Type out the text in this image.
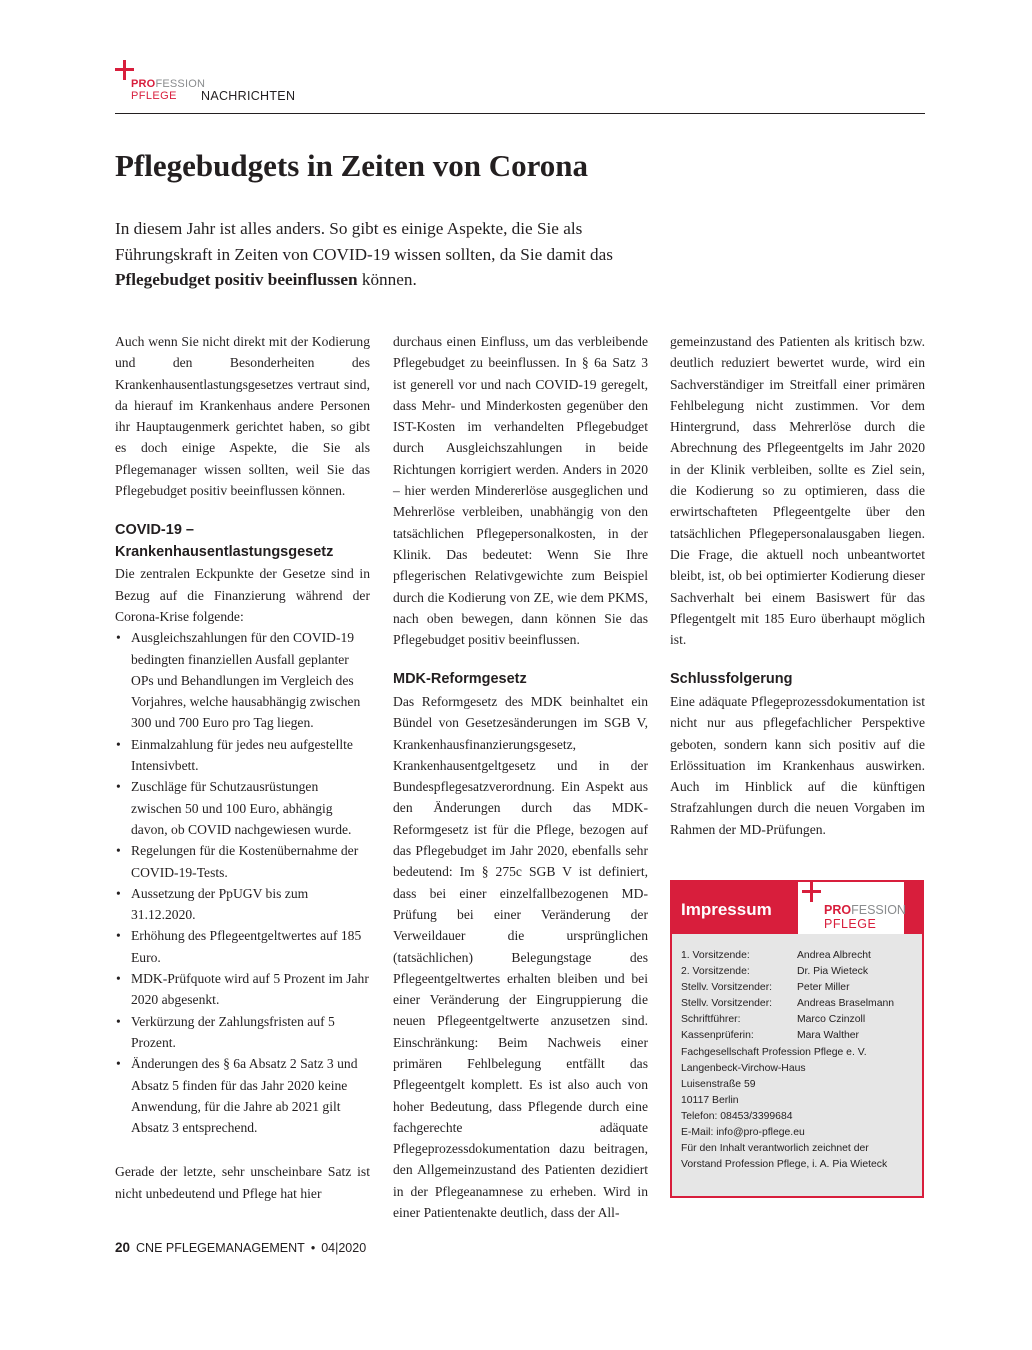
PROFESSION
PFLEGE NACHRICHTEN
Pflegebudgets in Zeiten von Corona

In diesem Jahr ist alles anders. So gibt es einige Aspekte, die Sie als Führungskraft in Zeiten von COVID-19 wissen sollten, da Sie damit das Pflegebudget positiv beeinflussen können.

Auch wenn Sie nicht direkt mit der Kodierung und den Besonderheiten des Krankenhausentlastungsgesetzes vertraut sind, da hierauf im Krankenhaus andere Personen ihr Hauptaugenmerk gerichtet haben, so gibt es doch einige Aspekte, die Sie als Pflegemanager wissen sollten, weil Sie das Pflegebudget positiv beeinflussen können.

COVID-19 – Krankenhausentlastungsgesetz

Die zentralen Eckpunkte der Gesetze sind in Bezug auf die Finanzierung während der Corona-Krise folgende:

• Ausgleichszahlungen für den COVID-19 bedingten finanziellen Ausfall geplanter OPs und Behandlungen im Vergleich des Vorjahres, welche hausabhängig zwischen 300 und 700 Euro pro Tag liegen.
• Einmalzahlung für jedes neu aufgestellte Intensivbett.
• Zuschläge für Schutzausrüstungen zwischen 50 und 100 Euro, abhängig davon, ob COVID nachgewiesen wurde.
• Regelungen für die Kostenübernahme der COVID-19-Tests.
• Aussetzung der PpUGV bis zum 31.12.2020.
• Erhöhung des Pflegeentgeltwertes auf 185 Euro.
• MDK-Prüfquote wird auf 5 Prozent im Jahr 2020 abgesenkt.
• Verkürzung der Zahlungsfristen auf 5 Prozent.
• Änderungen des § 6a Absatz 2 Satz 3 und Absatz 5 finden für das Jahr 2020 keine Anwendung, für die Jahre ab 2021 gilt Absatz 3 entsprechend.

Gerade der letzte, sehr unscheinbare Satz ist nicht unbedeutend und Pflege hat hier

durchaus einen Einfluss, um das verbleibende Pflegebudget zu beeinflussen. In § 6a Satz 3 ist generell vor und nach COVID-19 geregelt, dass Mehr- und Minderkosten gegenüber den IST-Kosten im verhandelten Pflegebudget durch Ausgleichszahlungen in beide Richtungen korrigiert werden. Anders in 2020 – hier werden Mindererlöse ausgeglichen und Mehrerlöse verbleiben, unabhängig von den tatsächlichen Pflegepersonalkosten, in der Klinik. Das bedeutet: Wenn Sie Ihre pflegerischen Relativgewichte zum Beispiel durch die Kodierung von ZE, wie dem PKMS, nach oben bewegen, dann können Sie das Pflegebudget positiv beeinflussen.

MDK-Reformgesetz

Das Reformgesetz des MDK beinhaltet ein Bündel von Gesetzesänderungen im SGB V, Krankenhausfinanzierungsgesetz, Krankenhausentgeltgesetz und in der Bundespflegesatzverordnung. Ein Aspekt aus den Änderungen durch das MDK-Reformgesetz ist für die Pflege, bezogen auf das Pflegebudget im Jahr 2020, ebenfalls sehr bedeutend: Im § 275c SGB V ist definiert, dass bei einer einzelfallbezogenen MD-Prüfung bei einer Veränderung der Verweildauer die ursprünglichen (tatsächlichen) Belegungstage des Pflegeentgeltwertes erhalten bleiben und bei einer Veränderung der Eingruppierung die neuen Pflegeentgeltwerte anzusetzen sind. Einschränkung: Beim Nachweis einer primären Fehlbelegung entfällt das Pflegeentgelt komplett. Es ist also auch von hoher Bedeutung, dass Pflegende durch eine fachgerechte adäquate Pflegeprozessdokumentation dazu beitragen, den Allgemeinzustand des Patienten dezidiert in der Pflegeanamnese zu erheben. Wird in einer Patientenakte deutlich, dass der All-

gemeinzustand des Patienten als kritisch bzw. deutlich reduziert bewertet wurde, wird ein Sachverständiger im Streitfall einer primären Fehlbelegung nicht zustimmen. Vor dem Hintergrund, dass Mehrerlöse durch die Abrechnung des Pflegeentgelts im Jahr 2020 in der Klinik verbleiben, sollte es Ziel sein, die Kodierung so zu optimieren, dass die erwirtschafteten Pflegeentgelte über den tatsächlichen Pflegepersonalausgaben liegen. Die Frage, die aktuell noch unbeantwortet bleibt, ist, ob bei optimierter Kodierung dieser Sachverhalt bei einem Basiswert für das Pflegentgelt mit 185 Euro überhaupt möglich ist.

Schlussfolgerung

Eine adäquate Pflegeprozessdokumentation ist nicht nur aus pflegefachlicher Perspektive geboten, sondern kann sich positiv auf die Erlössituation im Krankenhaus auswirken. Auch im Hinblick auf die künftigen Strafzahlungen durch die neuen Vorgaben im Rahmen der MD-Prüfungen.

Impressum	PROFESSION
PFLEGE
1. Vorsitzende:	Andrea Albrecht
2. Vorsitzende:	Dr. Pia Wieteck
Stellv. Vorsitzender:	Peter Miller
Stellv. Vorsitzender:	Andreas Braselmann
Schriftführer:	Marco Czinzoll
Kassenprüferin:	Mara Walther
Fachgesellschaft Profession Pflege e. V.
Langenbeck-Virchow-Haus
Luisenstraße 59
10117 Berlin
Telefon: 08453/3399684
E-Mail: info@pro-pflege.eu
Für den Inhalt verantworlich zeichnet der
Vorstand Profession Pflege, i. A. Pia Wieteck
20 CNE PFLEGEMANAGEMENT • 04|2020
